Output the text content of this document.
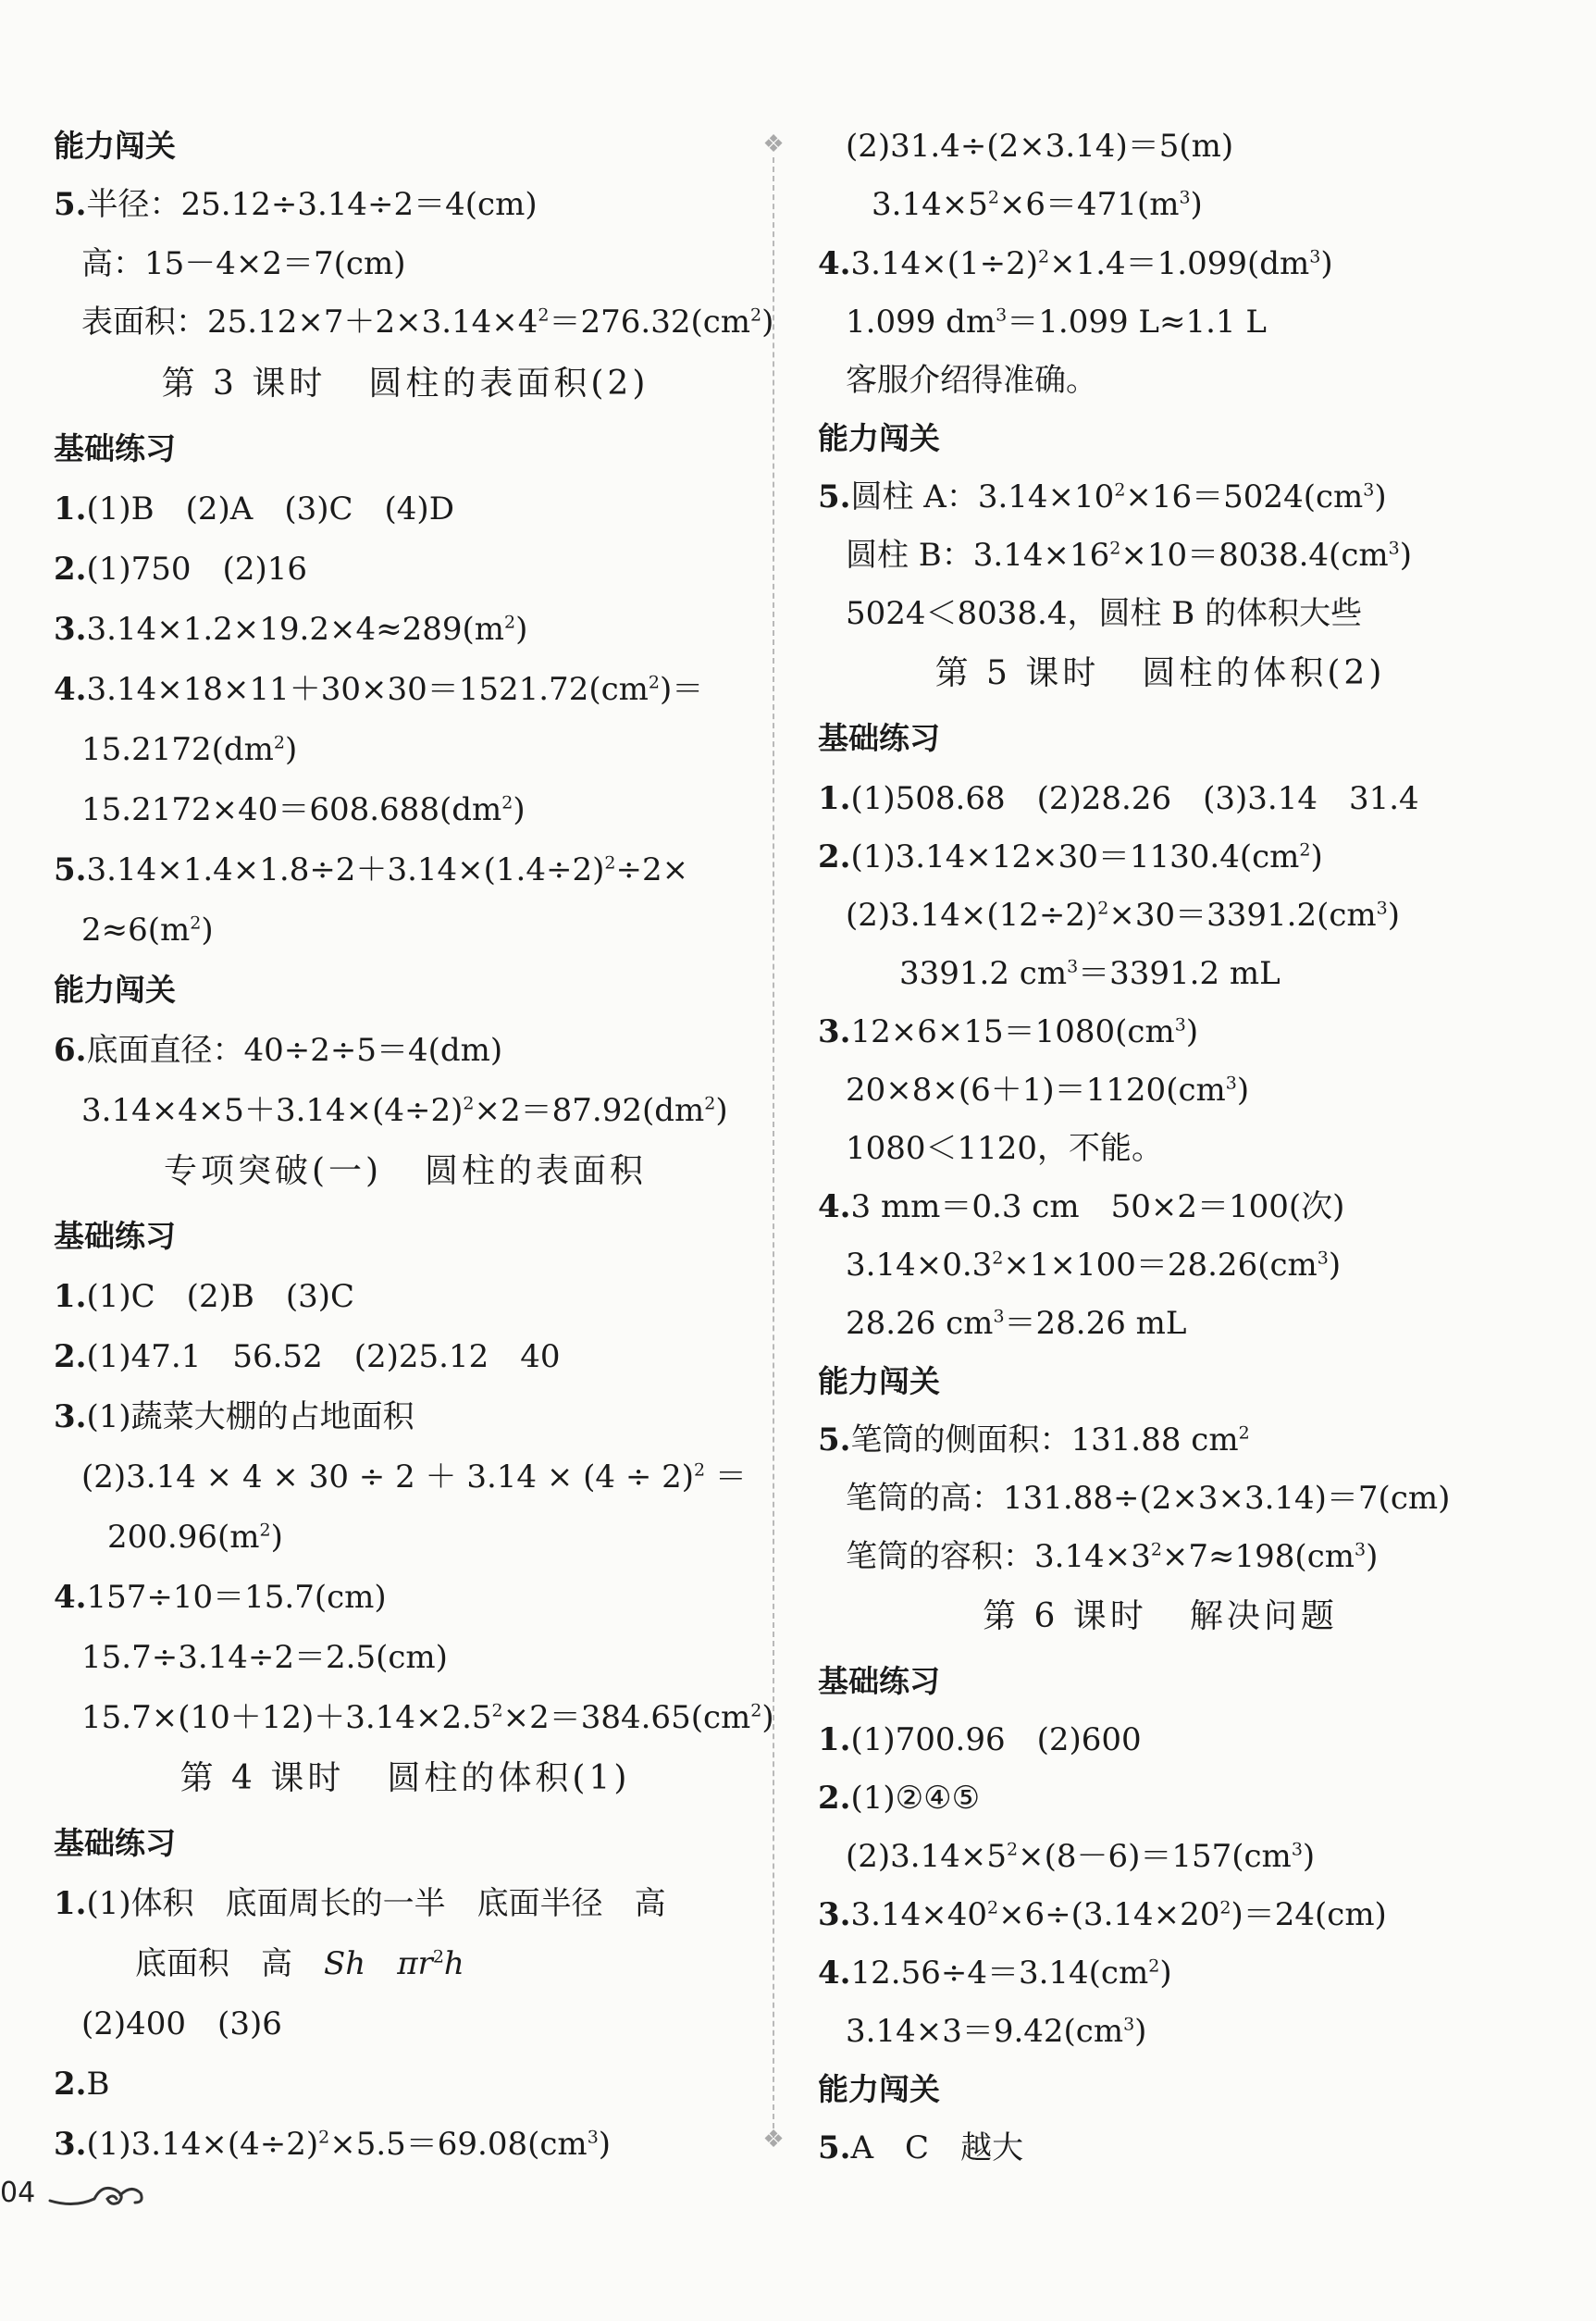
能力闯关
5.半径：25.12÷3.14÷2＝4(cm)
高：15－4×2＝7(cm)
表面积：$25.12\times 7+2\times 3.14\times 4^2=276.32(cm^2)$
第 3 课时 圆柱的表面积(2)
基础练习
1.(1)B　(2)A　(3)C　(4)D
2.(1)750　(2)16
$3.3.14\times 1.2\times 19.2\times 4\approx 289(m^2)$
$4.3.14\times 18\times 11+30\times 30=1521.72(cm^2)=$
$15.2172(dm^2)$
$15.2172\times 40=608.688(dm^2)$
$5.3.14\times 1.4\times 1.8\div 2+3.14\times(1.4\div 2)^2\div 2\times$
$2\approx 6(m^2)$
能力闯关
6.底面直径：40÷2÷5＝4(dm)
$3.14\times 4\times 5+3.14\times(4\div 2)^2\times 2=87.92(dm^2)$
专项突破(一) 圆柱的表面积
基础练习
1.(1)C　(2)B　(3)C
2.(1)47.1　56.52　(2)25.12　40
3.(1)蔬菜大棚的占地面积
$(2)3.14 \times 4 \times 30 \div 2 + 3.14 \times (4 \div 2)^2$ ＝
$200.96(m^2)$
4.157÷10＝15.7(cm)
15.7÷3.14÷2＝2.5(cm)
$15.7\times(10+12)+3.14\times 2.5^2\times 2=384.65(cm^2)$
第 4 课时 圆柱的体积(1)
基础练习
1.(1)体积　底面周长的一半　底面半径　高
底面积　高　Sh　 $\pi r^2h$
(2)400　(3)6
2.B
$3.(1)3.14\times(4\div 2)^2\times 5.5=69.08(cm^3)$
❖
❖
(2)31.4÷(2×3.14)＝5(m)
$3.14\times 5^2\times 6=471(m^3)$
$4.3.14\times(1\div 2)^2\times 1.4=1.099(dm^3)$
1.099 $dm^3=1.099$ L≈1.1 L
客服介绍得准确。
能力闯关
5.圆柱 A：$3.14\times 10^2\times 16=5024(cm^3)$
圆柱 B：$3.14\times 16^2\times 10=8038.4(cm^3)$
5024＜8038.4，圆柱 B 的体积大些
第 5 课时 圆柱的体积(2)
基础练习
1.(1)508.68　(2)28.26　(3)3.14　31.4
$2.(1)3.14\times 12\times 30=1130.4(cm^2)$
$(2)3.14\times(12\div 2)^2\times 30=3391.2(cm^3)$
3391.2 $cm^3=3391.2$ mL
$3.12\times 6\times 15=1080(cm^3)$
$20\times 8\times(6+1)=1120(cm^3)$
1080＜1120，不能。
4.3 mm＝0.3 cm　50×2＝100(次)
$3.14\times 0.3^2\times 1\times 100=28.26(cm^3)$
28.26 $cm^3=28.26$ mL
能力闯关
5.笔筒的侧面积：131.88 $cm^2$
笔筒的高：131.88÷(2×3×3.14)＝7(cm)
笔筒的容积：$3.14\times 3^2\times 7\approx 198(cm^3)$
第 6 课时 解决问题
基础练习
1.(1)700.96　(2)600
2.(1)②④⑤
$(2)3.14\times 5^2\times(8-6)=157(cm^3)$
$3.3.14\times 40^2\times 6\div(3.14\times 20^2)=24(cm)$
$4.12.56\div 4=3.14(cm^2)$
$3.14\times 3=9.42(cm^3)$
能力闯关
5.A　C　越大
04
